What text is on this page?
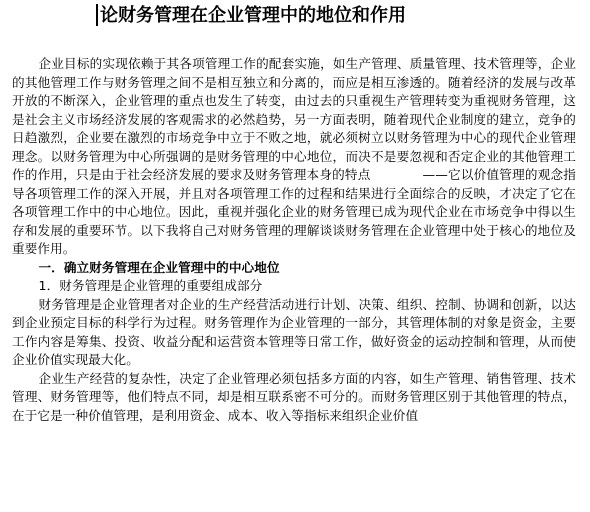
论财务管理在企业管理中的地位和作用

企业目标的实现依赖于其各项管理工作的配套实施，如生产管理、质量管理、技术管理等，企业的其他管理工作与财务管理之间不是相互独立和分离的，而应是相互渗透的。随着经济的发展与改革开放的不断深入，企业管理的重点也发生了转变，由过去的只重视生产管理转变为重视财务管理，这是社会主义市场经济发展的客观需求的必然趋势，另一方面表明，随着现代企业制度的建立，竞争的日趋激烈，企业要在激烈的市场竞争中立于不败之地，就必须树立以财务管理为中心的现代企业管理理念。以财务管理为中心所强调的是财务管理的中心地位，而决不是要忽视和否定企业的其他管理工作的作用，只是由于社会经济发展的要求及财务管理本身的特点	——它以价值管理的观念指导各项管理工作的深入开展，并且对各项管理工作的过程和结果进行全面综合的反映，才决定了它在各项管理工作中的中心地位。因此，重视并强化企业的财务管理已成为现代企业在市场竞争中得以生存和发展的重要环节。以下我将自己对财务管理的理解谈谈财务管理在企业管理中处于核心的地位及重要作用。

一．确立财务管理在企业管理中的中心地位

1．财务管理是企业管理的重要组成部分

财务管理是企业管理者对企业的生产经营活动进行计划、决策、组织、控制、协调和创新，以达到企业预定目标的科学行为过程。财务管理作为企业管理的一部分，其管理体制的对象是资金，主要工作内容是筹集、投资、收益分配和运营资本管理等日常工作，做好资金的运动控制和管理，从而使企业价值实现最大化。

企业生产经营的复杂性，决定了企业管理必须包括多方面的内容，如生产管理、销售管理、技术管理、财务管理等，他们特点不同，却是相互联系密不可分的。而财务管理区别于其他管理的特点，在于它是一种价值管理，是利用资金、成本、收入等指标来组织企业价值
